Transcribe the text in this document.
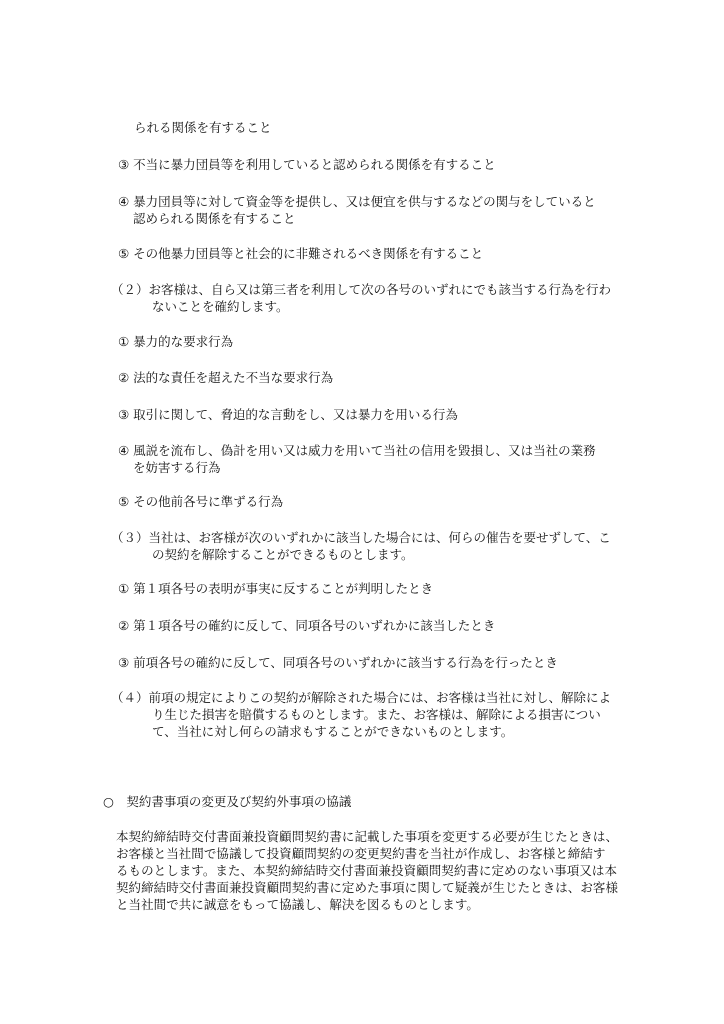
られる関係を有すること
③ 不当に暴力団員等を利用していると認められる関係を有すること
④ 暴力団員等に対して資金等を提供し、又は便宜を供与するなどの関与をしていると
認められる関係を有すること
⑤ その他暴力団員等と社会的に非難されるべき関係を有すること
（２）お客様は、自ら又は第三者を利用して次の各号のいずれにでも該当する行為を行わ
ないことを確約します。
① 暴力的な要求行為
② 法的な責任を超えた不当な要求行為
③ 取引に関して、脅迫的な言動をし、又は暴力を用いる行為
④ 風説を流布し、偽計を用い又は威力を用いて当社の信用を毀損し、又は当社の業務
を妨害する行為
⑤ その他前各号に準ずる行為
（３）当社は、お客様が次のいずれかに該当した場合には、何らの催告を要せずして、こ
の契約を解除することができるものとします。
① 第１項各号の表明が事実に反することが判明したとき
② 第１項各号の確約に反して、同項各号のいずれかに該当したとき
③ 前項各号の確約に反して、同項各号のいずれかに該当する行為を行ったとき
（４）前項の規定によりこの契約が解除された場合には、お客様は当社に対し、解除によ
り生じた損害を賠償するものとします。また、お客様は、解除による損害につい
て、当社に対し何らの請求もすることができないものとします。
○　契約書事項の変更及び契約外事項の協議
本契約締結時交付書面兼投資顧問契約書に記載した事項を変更する必要が生じたときは、
お客様と当社間で協議して投資顧問契約の変更契約書を当社が作成し、お客様と締結す
るものとします。また、本契約締結時交付書面兼投資顧問契約書に定めのない事項又は本
契約締結時交付書面兼投資顧問契約書に定めた事項に関して疑義が生じたときは、お客様
と当社間で共に誠意をもって協議し、解決を図るものとします。
